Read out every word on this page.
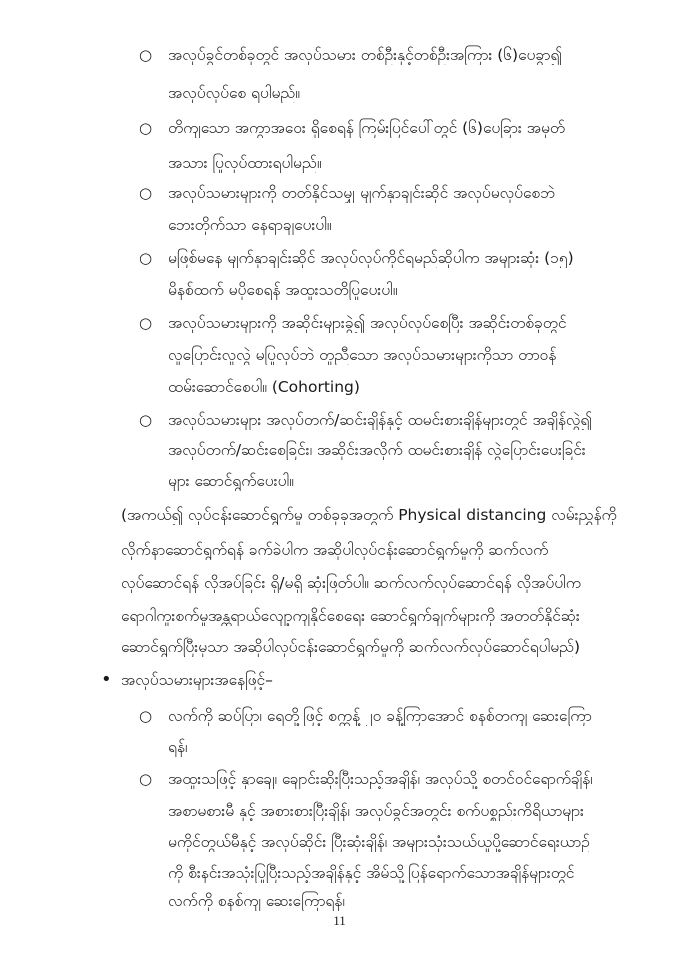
○ အလုပ်ခွင်တစ်ခုတွင် အလုပ်သမား တစ်ဦးနှင့်တစ်ဦးအကြား (၆)ပေခွာ၍
အလုပ်လုပ်စေ ရပါမည်။
○ တိကျသော အကွာအဝေး ရှိစေရန် ကြမ်းပြင်ပေါ်တွင် (၆)ပေခြား အမှတ်
အသား ပြုလုပ်ထားရပါမည်။
○ အလုပ်သမားများကို တတ်နိုင်သမျှ မျက်နှာချင်းဆိုင် အလုပ်မလုပ်စေဘဲ
ဘေးတိုက်သာ နေရာချပေးပါ။
○ မဖြစ်မနေ မျက်နှာချင်းဆိုင် အလုပ်လုပ်ကိုင်ရမည်ဆိုပါက အများဆုံး (၁၅)
မိနစ်ထက် မပိုစေရန် အထူးသတိပြုပေးပါ။
○ အလုပ်သမားများကို အဆိုင်းများခွဲ၍ အလုပ်လုပ်စေပြီး အဆိုင်းတစ်ခုတွင်
လူပြောင်းလူလွဲ မပြုလုပ်ဘဲ တူညီသော အလုပ်သမားများကိုသာ တာဝန်
ထမ်းဆောင်စေပါ။ (Cohorting)
○ အလုပ်သမားများ အလုပ်တက်/ဆင်းချိန်နှင့် ထမင်းစားချိန်များတွင် အချိန်လွဲ၍
အလုပ်တက်/ဆင်းစေခြင်း၊ အဆိုင်းအလိုက် ထမင်းစားချိန် လွဲပြောင်းပေးခြင်း
များ ဆောင်ရွက်ပေးပါ။
(အကယ်၍ လုပ်ငန်းဆောင်ရွက်မှု တစ်ခုခုအတွက် Physical distancing လမ်းညွှန်ကို
လိုက်နာဆောင်ရွက်ရန် ခက်ခဲပါက အဆိုပါလုပ်ငန်းဆောင်ရွက်မှုကို ဆက်လက်
လုပ်ဆောင်ရန် လိုအပ်ခြင်း ရှိ/မရှိ ဆုံးဖြတ်ပါ။ ဆက်လက်လုပ်ဆောင်ရန် လိုအပ်ပါက
ရောဂါကူးစက်မှုအန္တရာယ်လျော့ကျနိုင်စေရေး ဆောင်ရွက်ချက်များကို အတတ်နိုင်ဆုံး
ဆောင်ရွက်ပြီးမှသာ အဆိုပါလုပ်ငန်းဆောင်ရွက်မှုကို ဆက်လက်လုပ်ဆောင်ရပါမည်)
• အလုပ်သမားများအနေဖြင့်–
○ လက်ကို ဆပ်ပြာ၊ ရေတို့ဖြင့် စက္ကန့် ၂၀ ခန့်ကြာအောင် စနစ်တကျ ဆေးကြော
ရန်၊
○ အထူးသဖြင့် နှာချေ၊ ချောင်းဆိုးပြီးသည့်အချိန်၊ အလုပ်သို့ စတင်ဝင်ရောက်ချိန်၊
အစာမစားမီ နှင့် အစားစားပြီးချိန်၊ အလုပ်ခွင်အတွင်း စက်ပစ္စည်းကိရိယာများ
မကိုင်တွယ်မီနှင့် အလုပ်ဆိုင်း ပြီးဆုံးချိန်၊ အများသုံးသယ်ယူပို့ဆောင်ရေးယာဉ်
ကို စီးနင်းအသုံးပြုပြီးသည့်အချိန်နှင့် အိမ်သို့ပြန်ရောက်သောအချိန်များတွင်
လက်ကို စနစ်ကျ ဆေးကြောရန်၊
11
